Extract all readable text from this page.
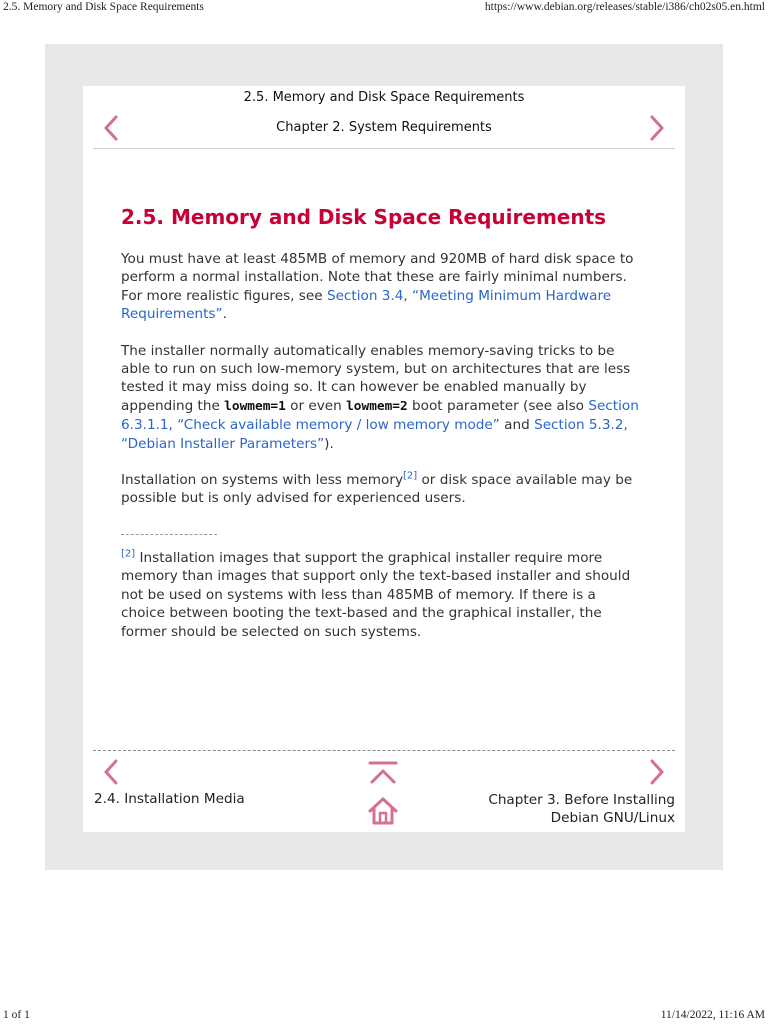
2.5. Memory and Disk Space Requirements	https://www.debian.org/releases/stable/i386/ch02s05.en.html
2.5. Memory and Disk Space Requirements
Chapter 2. System Requirements
2.5. Memory and Disk Space Requirements

You must have at least 485MB of memory and 920MB of hard disk space to perform a normal installation. Note that these are fairly minimal numbers. For more realistic figures, see Section 3.4, “Meeting Minimum Hardware Requirements”.

The installer normally automatically enables memory-saving tricks to be able to run on such low-memory system, but on architectures that are less tested it may miss doing so. It can however be enabled manually by appending the lowmem=1 or even lowmem=2 boot parameter (see also Section 6.3.1.1, “Check available memory / low memory mode” and Section 5.3.2, “Debian Installer Parameters”).

Installation on systems with less memory[2] or disk space available may be possible but is only advised for experienced users.

[2] Installation images that support the graphical installer require more memory than images that support only the text-based installer and should not be used on systems with less than 485MB of memory. If there is a choice between booting the text-based and the graphical installer, the former should be selected on such systems.

2.4. Installation Media	Chapter 3. Before Installing Debian GNU/Linux
1 of 1	11/14/2022, 11:16 AM
